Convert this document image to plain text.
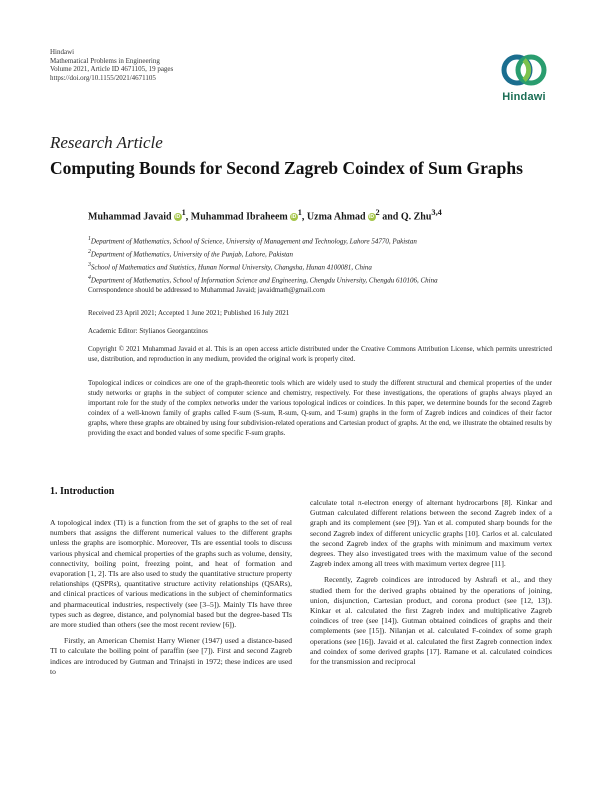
Hindawi
Mathematical Problems in Engineering
Volume 2021, Article ID 4671105, 19 pages
https://doi.org/10.1155/2021/4671105
Hindawi
Research Article
Computing Bounds for Second Zagreb Coindex of Sum Graphs
Muhammad Javaid $iD^1$, Muhammad Ibraheem $iD^1$, Uzma Ahmad $iD^2$ and Q. Zhu$^{3,4}$
$^1$Department of Mathematics, School of Science, University of Management and Technology, Lahore 54770, Pakistan
$^2$Department of Mathematics, University of the Punjab, Lahore, Pakistan
$^3$School of Mathematics and Statistics, Hunan Normal University, Changsha, Hunan 4100081, China
$^4$Department of Mathematics, School of Information Science and Engineering, Chengdu University, Chengdu 610106, China
Correspondence should be addressed to Muhammad Javaid; javaidmath@gmail.com
Received 23 April 2021; Accepted 1 June 2021; Published 16 July 2021
Academic Editor: Stylianos Georgantzinos
Copyright © 2021 Muhammad Javaid et al. This is an open access article distributed under the Creative Commons Attribution License, which permits unrestricted use, distribution, and reproduction in any medium, provided the original work is properly cited.
Topological indices or coindices are one of the graph-theoretic tools which are widely used to study the different structural and chemical properties of the under study networks or graphs in the subject of computer science and chemistry, respectively. For these investigations, the operations of graphs always played an important role for the study of the complex networks under the various topological indices or coindices. In this paper, we determine bounds for the second Zagreb coindex of a well-known family of graphs called F-sum (S-sum, R-sum, Q-sum, and T-sum) graphs in the form of Zagreb indices and coindices of their factor graphs, where these graphs are obtained by using four subdivision-related operations and Cartesian product of graphs. At the end, we illustrate the obtained results by providing the exact and bonded values of some specific F-sum graphs.
1. Introduction

A topological index (TI) is a function from the set of graphs to the set of real numbers that assigns the different numerical values to the different graphs unless the graphs are isomorphic. Moreover, TIs are essential tools to discuss various physical and chemical properties of the graphs such as volume, density, connectivity, boiling point, freezing point, and heat of formation and evaporation [1, 2]. TIs are also used to study the quantitative structure property relationships (QSPRs), quantitative structure activity relationships (QSARs), and clinical practices of various medications in the subject of cheminformatics and pharmaceutical industries, respectively (see [3–5]). Mainly TIs have three types such as degree, distance, and polynomial based but the degree-based TIs are more studied than others (see the most recent review [6]).

Firstly, an American Chemist Harry Wiener (1947) used a distance-based TI to calculate the boiling point of paraffin (see [7]). First and second Zagreb indices are introduced by Gutman and Trinajsti in 1972; these indices are used to

calculate total π-electron energy of alternant hydrocarbons [8]. Kinkar and Gutman calculated different relations between the second Zagreb index of a graph and its complement (see [9]). Yan et al. computed sharp bounds for the second Zagreb index of different unicyclic graphs [10]. Carlos et al. calculated the second Zagreb index of the graphs with minimum and maximum vertex degrees. They also investigated trees with the maximum value of the second Zagreb index among all trees with maximum vertex degree [11].

Recently, Zagreb coindices are introduced by Ashrafi et al., and they studied them for the derived graphs obtained by the operations of joining, union, disjunction, Cartesian product, and corona product (see [12, 13]). Kinkar et al. calculated the first Zagreb index and multiplicative Zagreb coindices of tree (see [14]). Gutman obtained coindices of graphs and their complements (see [15]). Nilanjan et al. calculated F-coindex of some graph operations (see [16]). Javaid et al. calculated the first Zagreb connection index and coindex of some derived graphs [17]. Ramane et al. calculated coindices for the transmission and reciprocal
